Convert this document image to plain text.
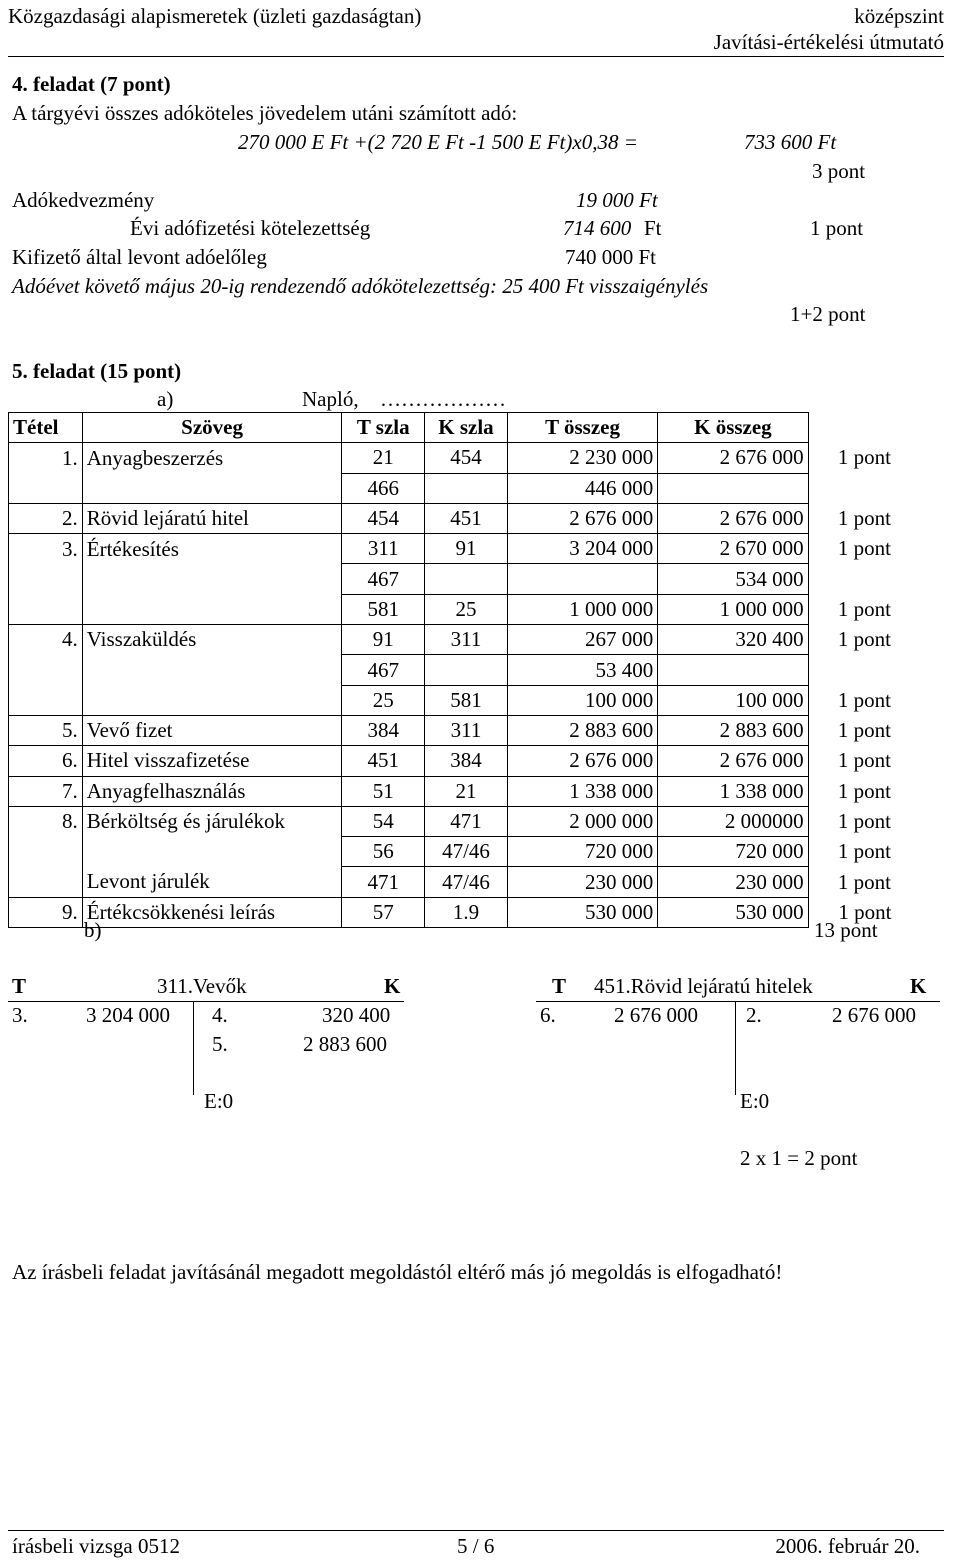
Közgazdasági alapismeretek (üzleti gazdaságtan)	középszint
Javítási-értékelési útmutató
4. feladat (7 pont)
A tárgyévi összes adóköteles jövedelem utáni számított adó:
270 000 E Ft +(2 720 E Ft -1 500 E Ft)x0,38 =	733 600 Ft
3 pont
Adókedvezmény	19 000 Ft
Évi adófizetési kötelezettség	714 600 Ft	1 pont
Kifizető által levont adóelőleg	740 000 Ft
Adóévet követő május 20-ig rendezendő adókötelezettség: 25 400 Ft visszaigénylés
1+2 pont
5. feladat (15 pont)
a)	Napló, ………………
Tétel	Szöveg	T szla	K szla	T összeg	K összeg	
1.	Anyagbeszerzés	21	454	2 230 000	2 676 000	1 pont
		466		446 000		
2.	Rövid lejáratú hitel	454	451	2 676 000	2 676 000	1 pont
3.	Értékesítés	311	91	3 204 000	2 670 000	1 pont
		467			534 000	
		581	25	1 000 000	1 000 000	1 pont
4.	Visszaküldés	91	311	267 000	320 400	1 pont
		467		53 400		
		25	581	100 000	100 000	1 pont
5.	Vevő fizet	384	311	2 883 600	2 883 600	1 pont
6.	Hitel visszafizetése	451	384	2 676 000	2 676 000	1 pont
7.	Anyagfelhasználás	51	21	1 338 000	1 338 000	1 pont
8.	Bérköltség és járulékok	54	471	2 000 000	2 000000	1 pont
		56	47/46	720 000	720 000	1 pont
	Levont járulék	471	47/46	230 000	230 000	1 pont
9.	Értékcsökkenési leírás	57	1.9	530 000	530 000	1 pont
b)	13 pont
T	311.Vevők	K
3.	3 204 000 4.	320 400
5.	2 883 600
E:0
T 451.Rövid lejáratú hitelek	K
6.	2 676 000 2.	2 676 000
E:0
2 x 1 = 2 pont
Az írásbeli feladat javításánál megadott megoldástól eltérő más jó megoldás is elfogadható!
írásbeli vizsga 0512	5 / 6	2006. február 20.
